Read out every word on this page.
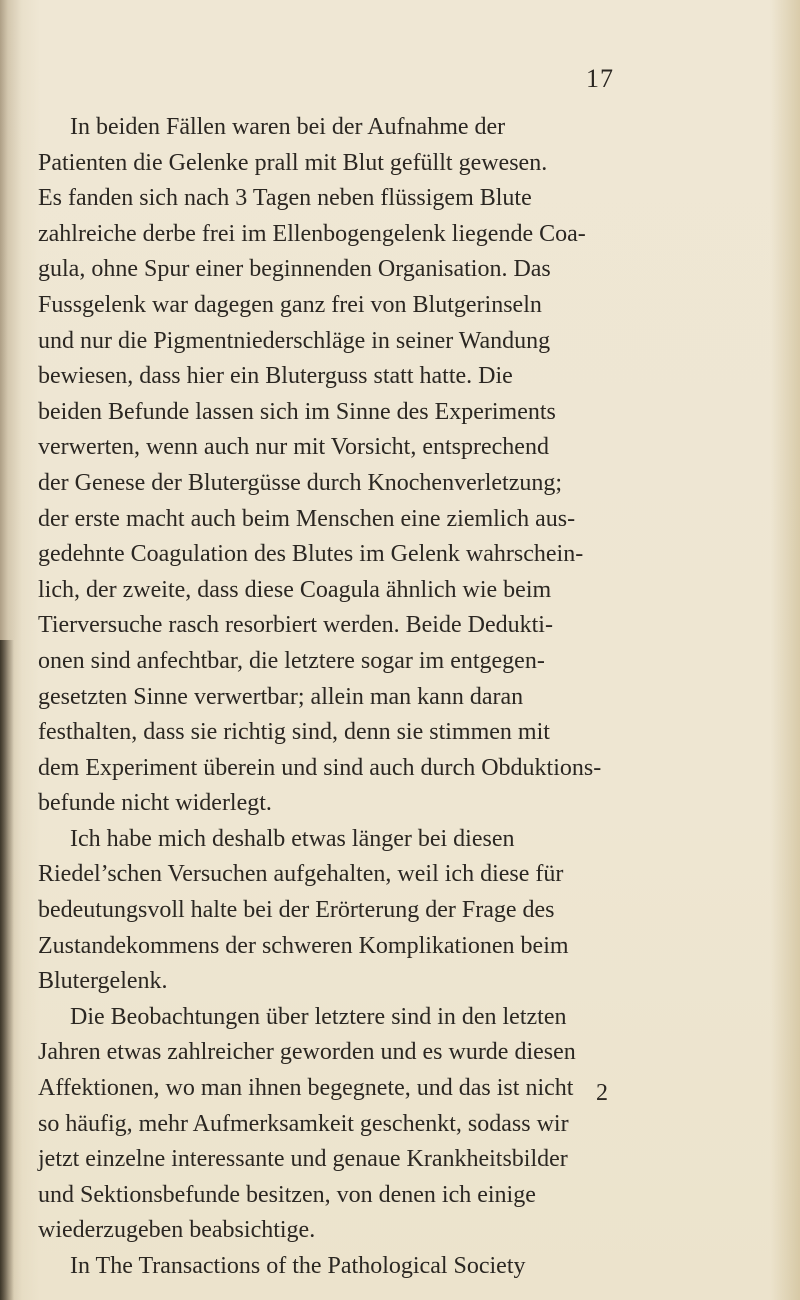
17
In beiden Fällen waren bei der Aufnahme der
Patienten die Gelenke prall mit Blut gefüllt gewesen.
Es fanden sich nach 3 Tagen neben flüssigem Blute
zahlreiche derbe frei im Ellenbogengelenk liegende Coa-
gula, ohne Spur einer beginnenden Organisation. Das
Fussgelenk war dagegen ganz frei von Blutgerinseln
und nur die Pigmentniederschläge in seiner Wandung
bewiesen, dass hier ein Bluterguss statt hatte. Die
beiden Befunde lassen sich im Sinne des Experiments
verwerten, wenn auch nur mit Vorsicht, entsprechend
der Genese der Blutergüsse durch Knochenverletzung;
der erste macht auch beim Menschen eine ziemlich aus-
gedehnte Coagulation des Blutes im Gelenk wahrschein-
lich, der zweite, dass diese Coagula ähnlich wie beim
Tierversuche rasch resorbiert werden. Beide Dedukti-
onen sind anfechtbar, die letztere sogar im entgegen-
gesetzten Sinne verwertbar; allein man kann daran
festhalten, dass sie richtig sind, denn sie stimmen mit
dem Experiment überein und sind auch durch Obduktions-
befunde nicht widerlegt.
Ich habe mich deshalb etwas länger bei diesen
Riedel’schen Versuchen aufgehalten, weil ich diese für
bedeutungsvoll halte bei der Erörterung der Frage des
Zustandekommens der schweren Komplikationen beim
Blutergelenk.
Die Beobachtungen über letztere sind in den letzten
Jahren etwas zahlreicher geworden und es wurde diesen
Affektionen, wo man ihnen begegnete, und das ist nicht
so häufig, mehr Aufmerksamkeit geschenkt, sodass wir
jetzt einzelne interessante und genaue Krankheitsbilder
und Sektionsbefunde besitzen, von denen ich einige
wiederzugeben beabsichtige.
In The Transactions of the Pathological Society
2
